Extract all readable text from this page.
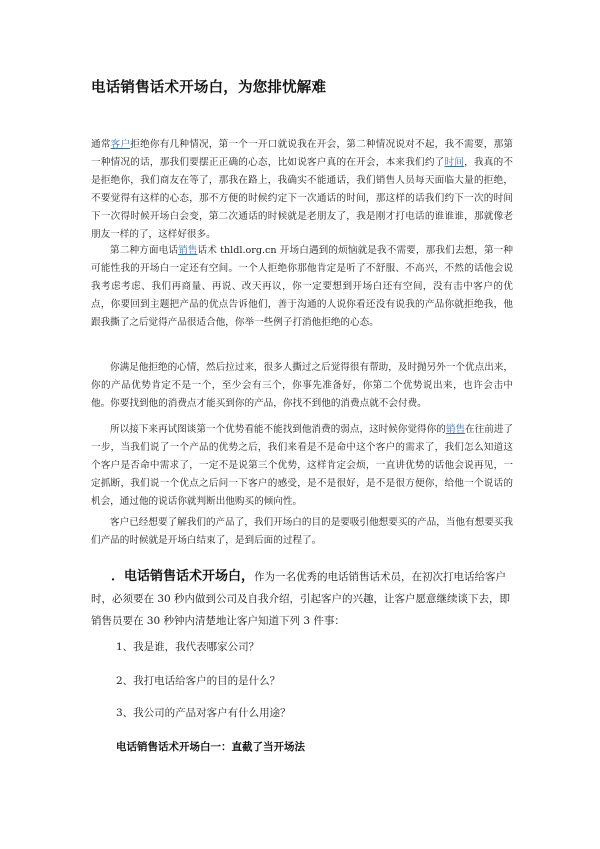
电话销售话术开场白，为您排忧解难
通常客户拒绝你有几种情况，第一个一开口就说我在开会，第二种情况说对不起，我不需要，那第一种情况的话，那我们要摆正正确的心态，比如说客户真的在开会，本来我们约了时间，我真的不是拒绝你，我们商友在等了，那我在路上，我确实不能通话，我们销售人员每天面临大量的拒绝，不要觉得有这样的心态，那不方便的时候约定下一次通话的时间，那这样的话我们约下一次的时间下一次得时候开场白会变，第二次通话的时候就是老朋友了，我是刚才打电话的谁谁谁，那就像老朋友一样的了，这样好很多。
第二种方面电话销售话术 thldl.org.cn 开场白遇到的烦恼就是我不需要，那我们去想，第一种可能性我的开场白一定还有空间。一个人拒绝你那他肯定是听了不舒服、不高兴，不然的话他会说我考虑考虑、我们再商量、再说、改天再议，你一定要想到开场白还有空间，没有击中客户的优点，你要回到主题把产品的优点告诉他们，善于沟通的人说你看还没有说我的产品你就拒绝我，他跟我撕了之后觉得产品很适合他，你举一些例子打消他拒绝的心态。
你满足他拒绝的心情，然后拉过来，很多人撕过之后觉得很有帮助，及时抛另外一个优点出来，你的产品优势肯定不是一个，至少会有三个，你事先准备好，你第二个优势说出来，也许会击中他。你要找到他的消费点才能买到你的产品，你找不到他的消费点就不会付费。
所以接下来再试图谈第一个优势看能不能找到他消费的弱点，这时候你觉得你的销售在往前进了一步，当我们说了一个产品的优势之后，我们来看是不是命中这个客户的需求了，我们怎么知道这个客户是否命中需求了，一定不是说第三个优势，这样肯定会烦，一直讲优势的话他会说再见，一定抓断，我们说一个优点之后问一下客户的感受，是不是很好，是不是很方便你，给他一个说话的机会，通过他的说话你就判断出他购买的倾向性。
客户已经想要了解我们的产品了，我们开场白的目的是要吸引他想要买的产品，当他有想要买我们产品的时候就是开场白结束了，是到后面的过程了。
．电话销售话术开场白，作为一名优秀的电话销售话术员，在初次打电话给客户时，必须要在 30 秒内做到公司及自我介绍，引起客户的兴趣，让客户愿意继续谈下去，即销售员要在 30 秒钟内清楚地让客户知道下列 3 件事：
1、我是谁，我代表哪家公司？
2、我打电话给客户的目的是什么？
3、我公司的产品对客户有什么用途？
电话销售话术开场白一：直截了当开场法
